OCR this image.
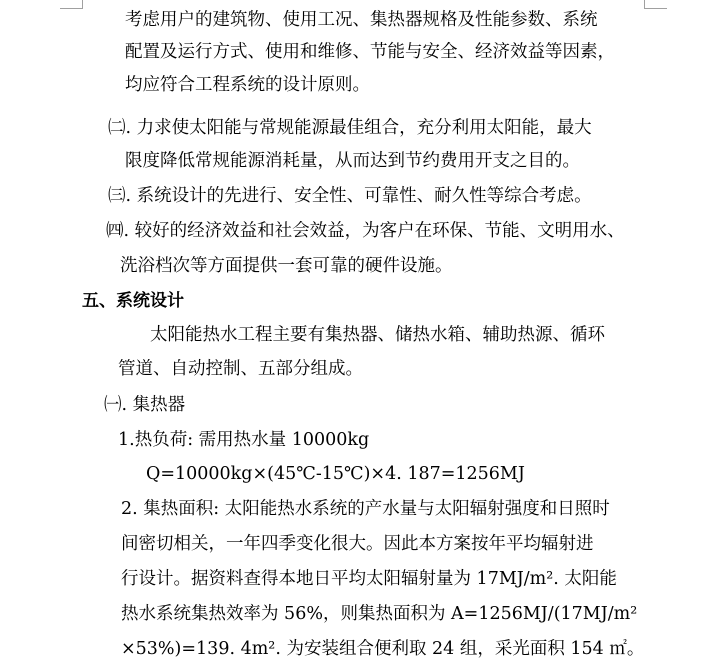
考虑用户的建筑物、使用工况、集热器规格及性能参数、系统
配置及运行方式、使用和维修、节能与安全、经济效益等因素，
均应符合工程系统的设计原则。
㈡. 力求使太阳能与常规能源最佳组合，充分利用太阳能，最大
限度降低常规能源消耗量，从而达到节约费用开支之目的。
㈢. 系统设计的先进行、安全性、可靠性、耐久性等综合考虑。
㈣. 较好的经济效益和社会效益，为客户在环保、节能、文明用水、
洗浴档次等方面提供一套可靠的硬件设施。
五、系统设计
太阳能热水工程主要有集热器、储热水箱、辅助热源、循环
管道、自动控制、五部分组成。
㈠. 集热器
1.热负荷: 需用热水量 10000kg
Q=10000kg×(45℃-15℃)×4. 187=1256MJ
2. 集热面积: 太阳能热水系统的产水量与太阳辐射强度和日照时
间密切相关，一年四季变化很大。因此本方案按年平均辐射进
行设计。据资料查得本地日平均太阳辐射量为 17MJ/m². 太阳能
热水系统集热效率为 56%，则集热面积为 A=1256MJ/(17MJ/m²
×53%)=139. 4m². 为安装组合便利取 24 组，采光面积 154 ㎡。
